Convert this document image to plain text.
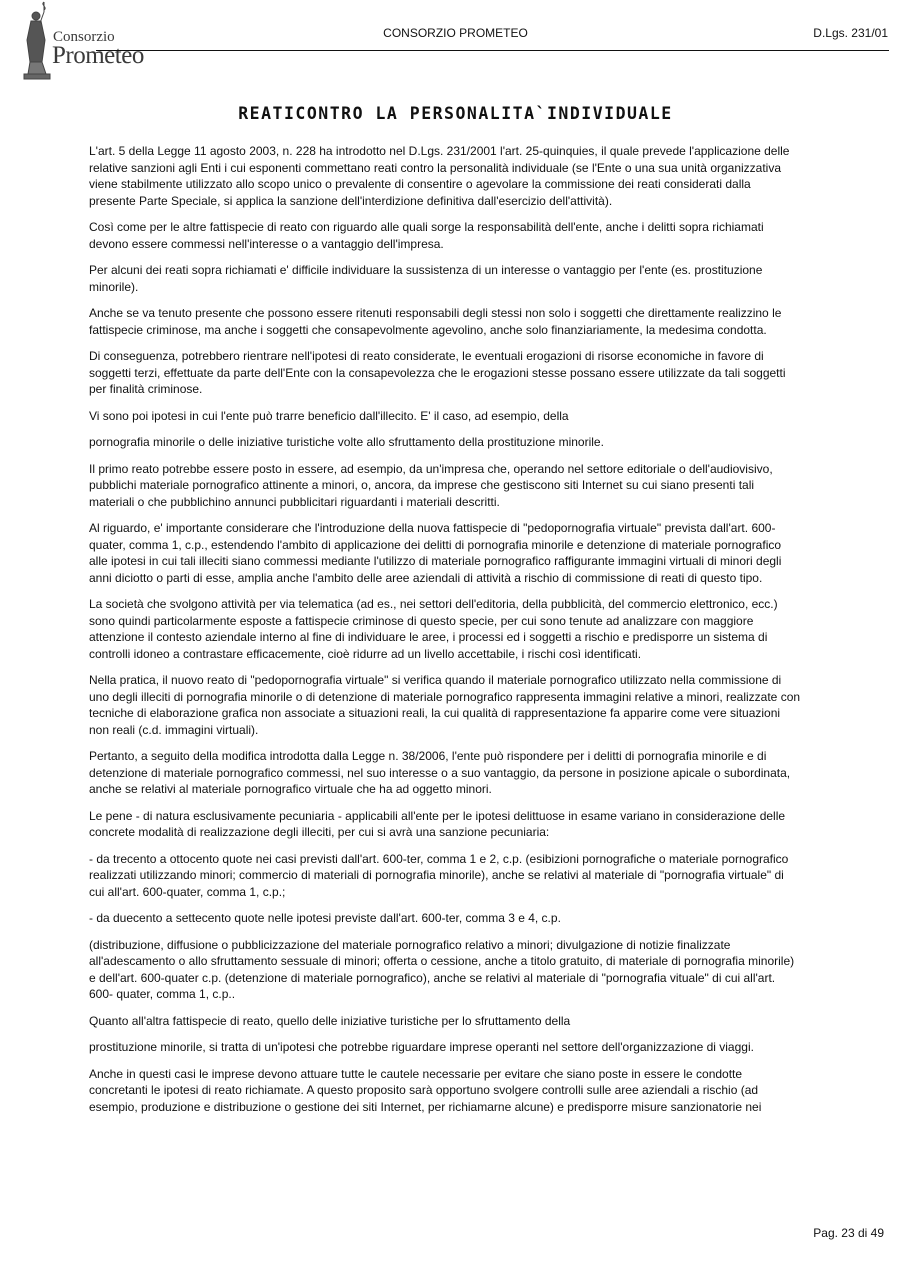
Consorzio
Prometeo
CONSORZIO PROMETEO	D.Lgs. 231/01
REATICONTRO LA PERSONALITA`INDIVIDUALE

L'art. 5 della Legge 11 agosto 2003, n. 228 ha introdotto nel D.Lgs. 231/2001 l'art. 25-quinquies, il quale prevede l'applicazione delle
relative sanzioni agli Enti i cui esponenti commettano reati contro la personalità individuale (se l'Ente o una sua unità organizzativa
viene stabilmente utilizzato allo scopo unico o prevalente di consentire o agevolare la commissione dei reati considerati dalla
presente Parte Speciale, si applica la sanzione dell'interdizione definitiva dall'esercizio dell'attività).

Così come per le altre fattispecie di reato con riguardo alle quali sorge la responsabilità dell'ente, anche i delitti sopra richiamati
devono essere commessi nell'interesse o a vantaggio dell'impresa.

Per alcuni dei reati sopra richiamati e' difficile individuare la sussistenza di un interesse o vantaggio per l'ente (es. prostituzione
minorile).

Anche se va tenuto presente che possono essere ritenuti responsabili degli stessi non solo i soggetti che direttamente realizzino le
fattispecie criminose, ma anche i soggetti che consapevolmente agevolino, anche solo finanziariamente, la medesima condotta.

Di conseguenza, potrebbero rientrare nell'ipotesi di reato considerate, le eventuali erogazioni di risorse economiche in favore di
soggetti terzi, effettuate da parte dell'Ente con la consapevolezza che le erogazioni stesse possano essere utilizzate da tali soggetti
per finalità criminose.

Vi sono poi ipotesi in cui l'ente può trarre beneficio dall'illecito. E' il caso, ad esempio, della

pornografia minorile o delle iniziative turistiche volte allo sfruttamento della prostituzione minorile.

Il primo reato potrebbe essere posto in essere, ad esempio, da un'impresa che, operando nel settore editoriale o dell'audiovisivo,
pubblichi materiale pornografico attinente a minori, o, ancora, da imprese che gestiscono siti Internet su cui siano presenti tali
materiali o che pubblichino annunci pubblicitari riguardanti i materiali descritti.

Al riguardo, e' importante considerare che l'introduzione della nuova fattispecie di "pedopornografia virtuale" prevista dall'art. 600-
quater, comma 1, c.p., estendendo l'ambito di applicazione dei delitti di pornografia minorile e detenzione di materiale pornografico
alle ipotesi in cui tali illeciti siano commessi mediante l'utilizzo di materiale pornografico raffigurante immagini virtuali di minori degli
anni diciotto o parti di esse, amplia anche l'ambito delle aree aziendali di attività a rischio di commissione di reati di questo tipo.

La società che svolgono attività per via telematica (ad es., nei settori dell'editoria, della pubblicità, del commercio elettronico, ecc.)
sono quindi particolarmente esposte a fattispecie criminose di questo specie, per cui sono tenute ad analizzare con maggiore
attenzione il contesto aziendale interno al fine di individuare le aree, i processi ed i soggetti a rischio e predisporre un sistema di
controlli idoneo a contrastare efficacemente, cioè ridurre ad un livello accettabile, i rischi così identificati.

Nella pratica, il nuovo reato di "pedopornografia virtuale" si verifica quando il materiale pornografico utilizzato nella commissione di
uno degli illeciti di pornografia minorile o di detenzione di materiale pornografico rappresenta immagini relative a minori, realizzate con
tecniche di elaborazione grafica non associate a situazioni reali, la cui qualità di rappresentazione fa apparire come vere situazioni
non reali (c.d. immagini virtuali).

Pertanto, a seguito della modifica introdotta dalla Legge n. 38/2006, l'ente può rispondere per i delitti di pornografia minorile e di
detenzione di materiale pornografico commessi, nel suo interesse o a suo vantaggio, da persone in posizione apicale o subordinata,
anche se relativi al materiale pornografico virtuale che ha ad oggetto minori.

Le pene - di natura esclusivamente pecuniaria - applicabili all'ente per le ipotesi delittuose in esame variano in considerazione delle
concrete modalità di realizzazione degli illeciti, per cui si avrà una sanzione pecuniaria:

- da trecento a ottocento quote nei casi previsti dall'art. 600-ter, comma 1 e 2, c.p. (esibizioni pornografiche o materiale pornografico
realizzati utilizzando minori; commercio di materiali di pornografia minorile), anche se relativi al materiale di "pornografia virtuale" di
cui all'art. 600-quater, comma 1, c.p.;

- da duecento a settecento quote nelle ipotesi previste dall'art. 600-ter, comma 3 e 4, c.p.

(distribuzione, diffusione o pubblicizzazione del materiale pornografico relativo a minori; divulgazione di notizie finalizzate
all'adescamento o allo sfruttamento sessuale di minori; offerta o cessione, anche a titolo gratuito, di materiale di pornografia minorile)
e dell'art. 600-quater c.p. (detenzione di materiale pornografico), anche se relativi al materiale di "pornografia vituale" di cui all'art.
600- quater, comma 1, c.p..

Quanto all'altra fattispecie di reato, quello delle iniziative turistiche per lo sfruttamento della

prostituzione minorile, si tratta di un'ipotesi che potrebbe riguardare imprese operanti nel settore dell'organizzazione di viaggi.

Anche in questi casi le imprese devono attuare tutte le cautele necessarie per evitare che siano poste in essere le condotte
concretanti le ipotesi di reato richiamate. A questo proposito sarà opportuno svolgere controlli sulle aree aziendali a rischio (ad
esempio, produzione e distribuzione o gestione dei siti Internet, per richiamarne alcune) e predisporre misure sanzionatorie nei

Pag. 23 di 49
